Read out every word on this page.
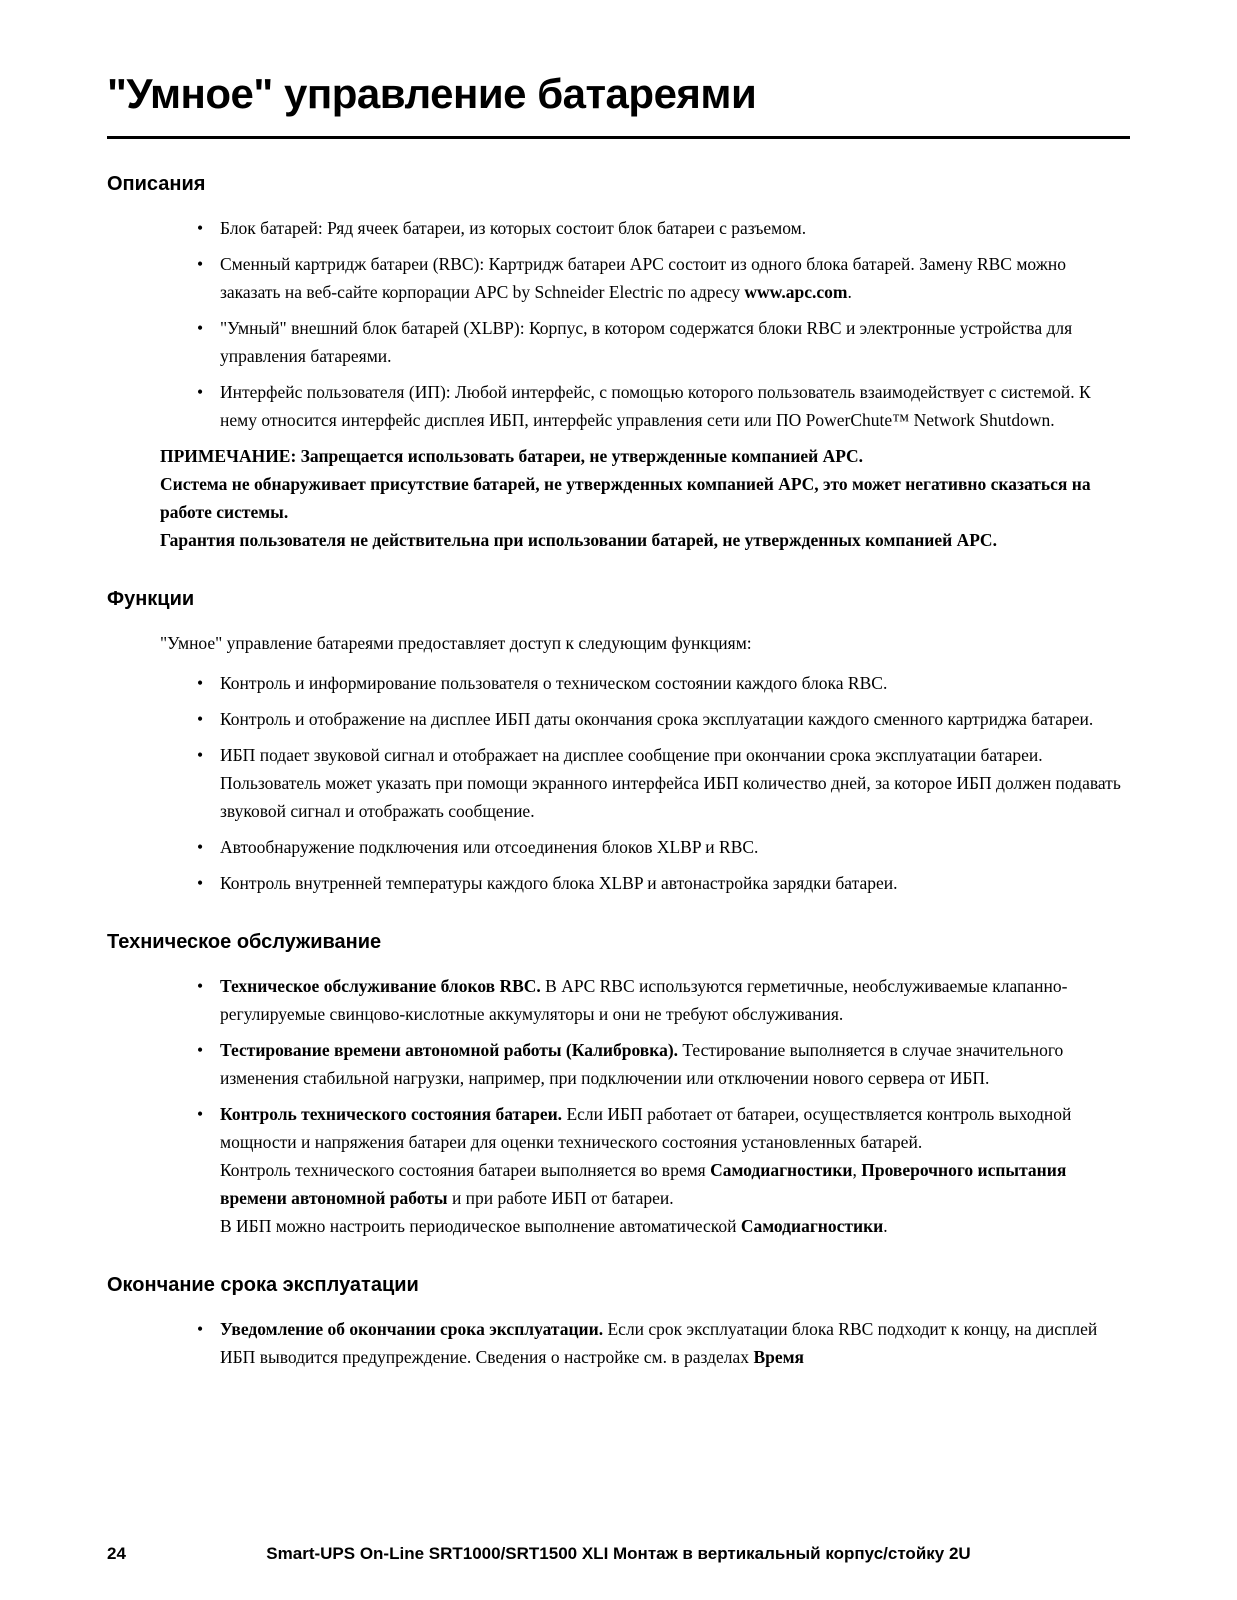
"Умное" управление батареями
Описания
• Блок батарей: Ряд ячеек батареи, из которых состоит блок батареи с разъемом.
• Сменный картридж батареи (RBC): Картридж батареи APC состоит из одного блока батарей. Замену RBC можно заказать на веб-сайте корпорации APC by Schneider Electric по адресу www.apc.com.
• "Умный" внешний блок батарей (XLBP): Корпус, в котором содержатся блоки RBC и электронные устройства для управления батареями.
• Интерфейс пользователя (ИП): Любой интерфейс, с помощью которого пользователь взаимодействует с системой. К нему относится интерфейс дисплея ИБП, интерфейс управления сети или ПО PowerChute™ Network Shutdown.
ПРИМЕЧАНИЕ: Запрещается использовать батареи, не утвержденные компанией APC.
Система не обнаруживает присутствие батарей, не утвержденных компанией APC, это может негативно сказаться на работе системы.
Гарантия пользователя не действительна при использовании батарей, не утвержденных компанией APC.
Функции
"Умное" управление батареями предоставляет доступ к следующим функциям:
• Контроль и информирование пользователя о техническом состоянии каждого блока RBC.
• Контроль и отображение на дисплее ИБП даты окончания срока эксплуатации каждого сменного картриджа батареи.
• ИБП подает звуковой сигнал и отображает на дисплее сообщение при окончании срока эксплуатации батареи. Пользователь может указать при помощи экранного интерфейса ИБП количество дней, за которое ИБП должен подавать звуковой сигнал и отображать сообщение.
• Автообнаружение подключения или отсоединения блоков XLBP и RBC.
• Контроль внутренней температуры каждого блока XLBP и автонастройка зарядки батареи.
Техническое обслуживание
• Техническое обслуживание блоков RBC. В APC RBC используются герметичные, необслуживаемые клапанно-регулируемые свинцово-кислотные аккумуляторы и они не требуют обслуживания.
• Тестирование времени автономной работы (Калибровка). Тестирование выполняется в случае значительного изменения стабильной нагрузки, например, при подключении или отключении нового сервера от ИБП.
• Контроль технического состояния батареи. Если ИБП работает от батареи, осуществляется контроль выходной мощности и напряжения батареи для оценки технического состояния установленных батарей.
Контроль технического состояния батареи выполняется во время Самодиагностики, Проверочного испытания времени автономной работы и при работе ИБП от батареи.
В ИБП можно настроить периодическое выполнение автоматической Самодиагностики.
Окончание срока эксплуатации
• Уведомление об окончании срока эксплуатации. Если срок эксплуатации блока RBC подходит к концу, на дисплей ИБП выводится предупреждение. Сведения о настройке см. в разделах Время
24	Smart-UPS On-Line SRT1000/SRT1500 XLI Монтаж в вертикальный корпус/стойку 2U
